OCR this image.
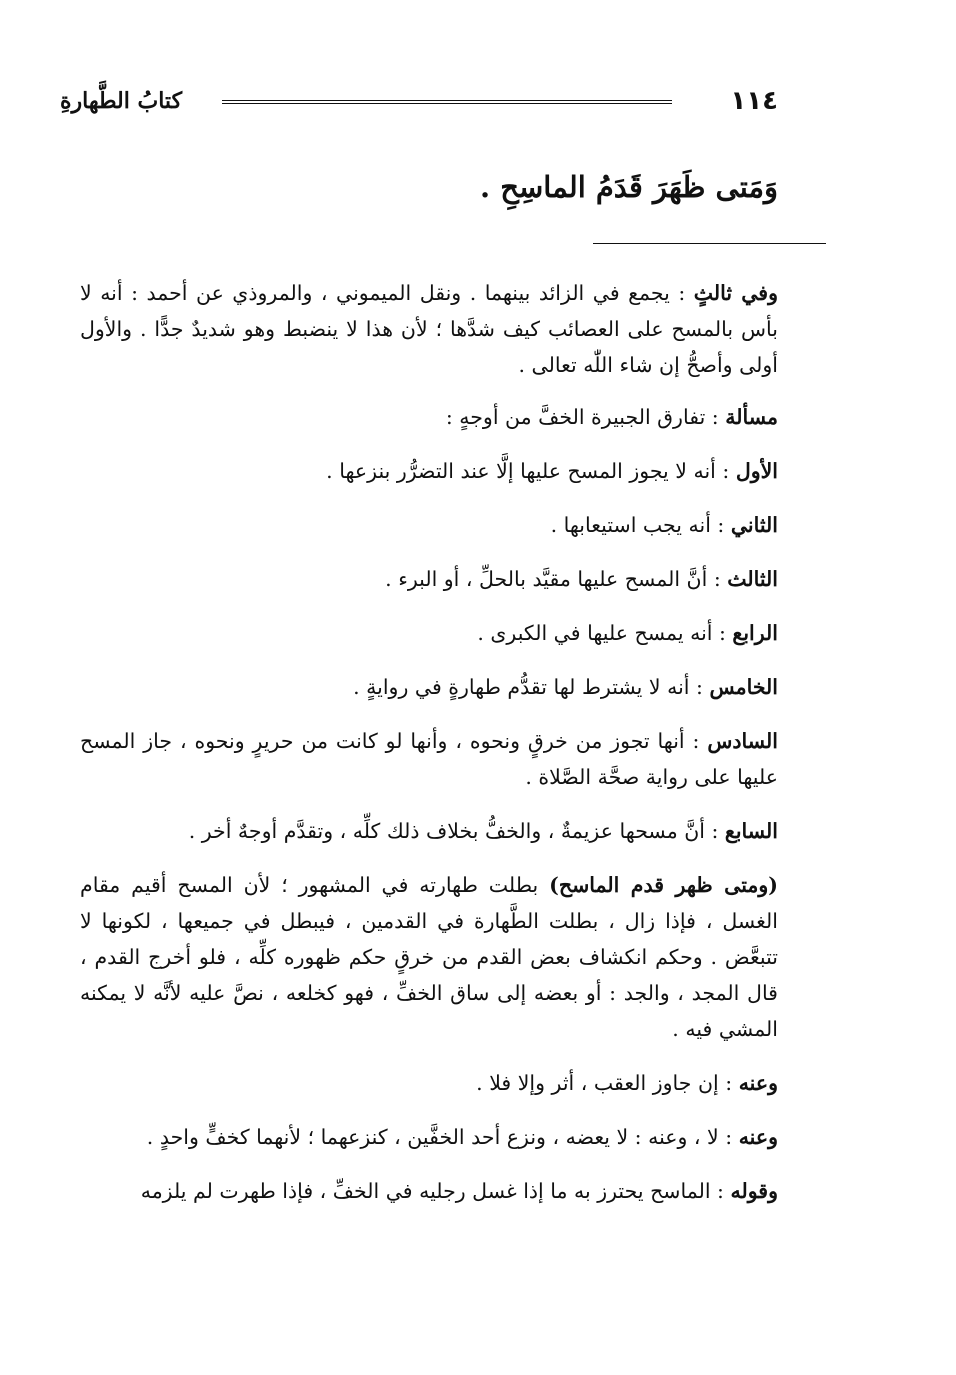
١١٤
كتابُ الطَّهارةِ
وَمَتى ظَهَرَ قَدَمُ الماسِحِ .

وفي ثالثٍ : يجمع في الزائد بينهما . ونقل الميموني ، والمروذي عن أحمد : أنه لا بأس بالمسح على العصائب كيف شدَّها ؛ لأن هذا لا ينضبط وهو شديدٌ جدًّا . والأول أولى وأصحُّ إن شاء اللّٰه تعالى .

مسألة : تفارق الجبيرة الخفَّ من أوجهٍ :

الأول : أنه لا يجوز المسح عليها إلَّا عند التضرُّر بنزعها .

الثاني : أنه يجب استيعابها .

الثالث : أنَّ المسح عليها مقيَّد بالحلِّ ، أو البرء .

الرابع : أنه يمسح عليها في الكبرى .

الخامس : أنه لا يشترط لها تقدُّم طهارةٍ في روايةٍ .

السادس : أنها تجوز من خرقٍ ونحوه ، وأنها لو كانت من حريرٍ ونحوه ، جاز المسح عليها على رواية صحَّة الصَّلاة .

السابع : أنَّ مسحها عزيمةٌ ، والخفُّ بخلاف ذلك كلِّه ، وتقدَّم أوجهٌ أخر .

(ومتى ظهر قدم الماسح) بطلت طهارته في المشهور ؛ لأن المسح أقيم مقام الغسل ، فإذا زال ، بطلت الطَّهارة في القدمين ، فيبطل في جميعها ، لكونها لا تتبعَّض . وحكم انكشاف بعض القدم من خرقٍ حكم ظهوره كلِّه ، فلو أخرج القدم ، قال المجد ، والجد : أو بعضه إلى ساق الخفِّ ، فهو كخلعه ، نصَّ عليه لأنَّه لا يمكنه المشي فيه .

وعنه : إن جاوز العقب ، أثر وإلا فلا .

وعنه : لا ، وعنه : لا يعضه ، ونزع أحد الخفَّين ، كنزعهما ؛ لأنهما كخفٍّ واحدٍ .

وقوله : الماسح يحترز به ما إذا غسل رجليه في الخفِّ ، فإذا طهرت لم يلزمه
